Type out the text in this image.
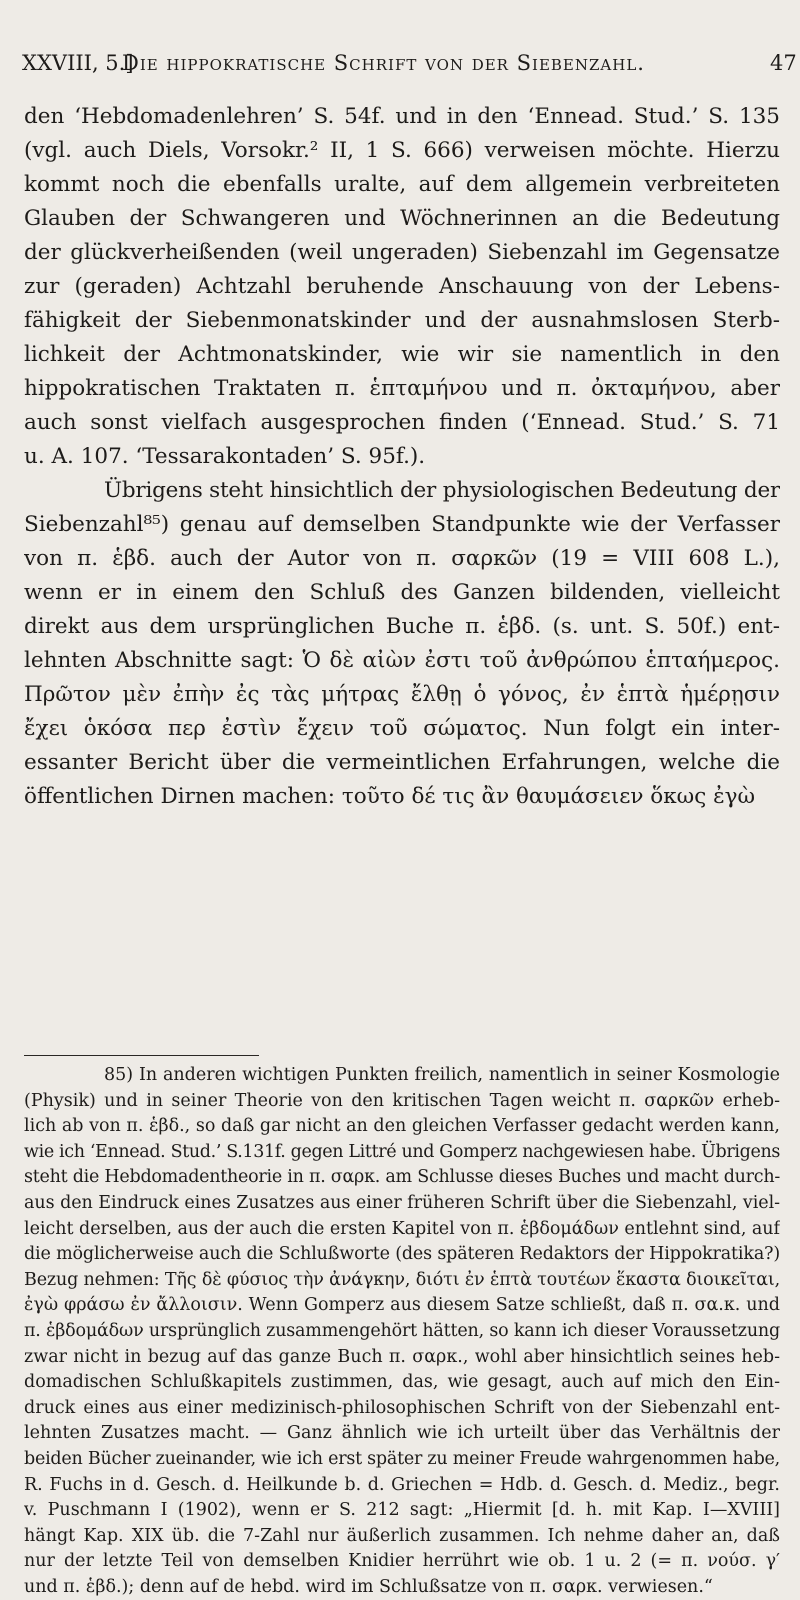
XXVIII, 5.]
Die hippokratische Schrift von der Siebenzahl.	47
den ‘Hebdomadenlehren’ S. 54f. und in den ‘Ennead. Stud.’ S. 135
(vgl. auch Diels, Vorsokr.² II, 1 S. 666) verweisen möchte. Hierzu
kommt noch die ebenfalls uralte, auf dem allgemein verbreiteten
Glauben der Schwangeren und Wöchnerinnen an die Bedeutung
der glückverheißenden (weil ungeraden) Siebenzahl im Gegensatze
zur (geraden) Achtzahl beruhende Anschauung von der Lebens-
fähigkeit der Siebenmonatskinder und der ausnahmslosen Sterb-
lichkeit der Achtmonatskinder, wie wir sie namentlich in den
hippokratischen Traktaten π. ἑπταμήνου und π. ὀκταμήνου, aber
auch sonst vielfach ausgesprochen finden (‘Ennead. Stud.’ S. 71
u. A. 107. ‘Tessarakontaden’ S. 95f.).
Übrigens steht hinsichtlich der physiologischen Bedeutung der
Siebenzahl⁸⁵) genau auf demselben Standpunkte wie der Verfasser
von π. ἑβδ. auch der Autor von π. σαρκῶν (19 = VIII 608 L.),
wenn er in einem den Schluß des Ganzen bildenden, vielleicht
direkt aus dem ursprünglichen Buche π. ἑβδ. (s. unt. S. 50f.) ent-
lehnten Abschnitte sagt: Ὁ δὲ αἰὼν ἐστι τοῦ ἀνθρώπου ἑπταήμερος.
Πρῶτον μὲν ἐπὴν ἐς τὰς μήτρας ἔλθῃ ὁ γόνος, ἐν ἑπτὰ ἡμέρῃσιν
ἔχει ὁκόσα περ ἐστὶν ἔχειν τοῦ σώματος. Nun folgt ein inter-
essanter Bericht über die vermeintlichen Erfahrungen, welche die
öffentlichen Dirnen machen: τοῦτο δέ τις ἂν θαυμάσειεν ὅκως ἐγὼ
85) In anderen wichtigen Punkten freilich, namentlich in seiner Kosmologie
(Physik) und in seiner Theorie von den kritischen Tagen weicht π. σαρκῶν erheb-
lich ab von π. ἑβδ., so daß gar nicht an den gleichen Verfasser gedacht werden kann,
wie ich ‘Ennead. Stud.’ S.131f. gegen Littré und Gomperz nachgewiesen habe. Übrigens
steht die Hebdomadentheorie in π. σαρκ. am Schlusse dieses Buches und macht durch-
aus den Eindruck eines Zusatzes aus einer früheren Schrift über die Siebenzahl, viel-
leicht derselben, aus der auch die ersten Kapitel von π. ἑβδομάδων entlehnt sind, auf
die möglicherweise auch die Schlußworte (des späteren Redaktors der Hippokratika?)
Bezug nehmen: Τῆς δὲ φύσιος τὴν ἀνάγκην, διότι ἐν ἑπτὰ τουτέων ἕκαστα διοικεῖται,
ἐγὼ φράσω ἐν ἄλλοισιν. Wenn Gomperz aus diesem Satze schließt, daß π. σα.κ. und
π. ἑβδομάδων ursprünglich zusammengehört hätten, so kann ich dieser Voraussetzung
zwar nicht in bezug auf das ganze Buch π. σαρκ., wohl aber hinsichtlich seines heb-
domadischen Schlußkapitels zustimmen, das, wie gesagt, auch auf mich den Ein-
druck eines aus einer medizinisch-philosophischen Schrift von der Siebenzahl ent-
lehnten Zusatzes macht. — Ganz ähnlich wie ich urteilt über das Verhältnis der
beiden Bücher zueinander, wie ich erst später zu meiner Freude wahrgenommen habe,
R. Fuchs in d. Gesch. d. Heilkunde b. d. Griechen = Hdb. d. Gesch. d. Mediz., begr.
v. Puschmann I (1902), wenn er S. 212 sagt: „Hiermit [d. h. mit Kap. I—XVIII]
hängt Kap. XIX üb. die 7-Zahl nur äußerlich zusammen. Ich nehme daher an, daß
nur der letzte Teil von demselben Knidier herrührt wie ob. 1 u. 2 (= π. νούσ. γ′
und π. ἑβδ.); denn auf de hebd. wird im Schlußsatze von π. σαρκ. verwiesen.“
